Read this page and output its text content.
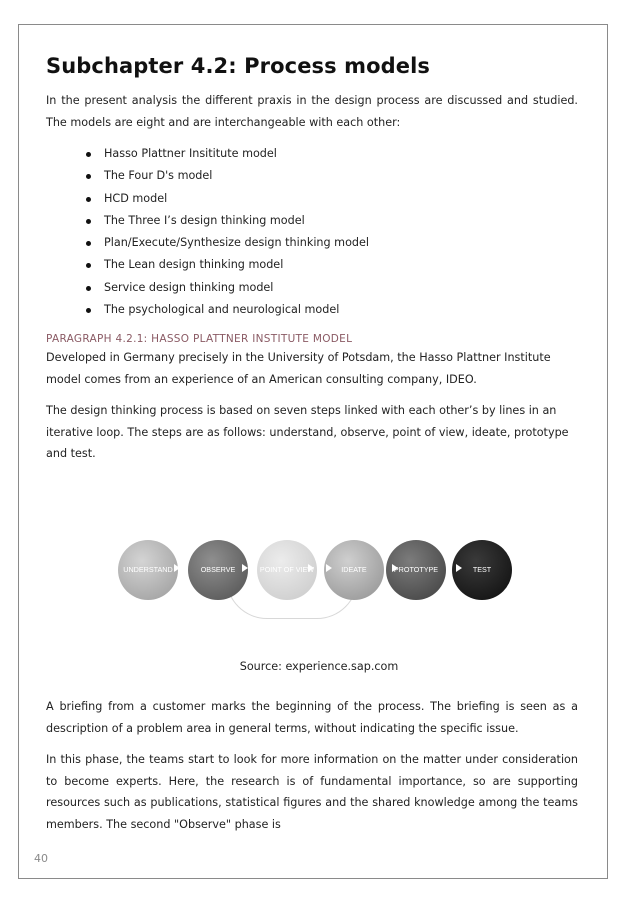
Subchapter 4.2: Process models

In the present analysis the different praxis in the design process are discussed and studied. The models are eight and are interchangeable with each other:

Hasso Plattner Insititute model
The Four D's model
HCD model
The Three I’s design thinking model
Plan/Execute/Synthesize design thinking model
The Lean design thinking model
Service design thinking model
The psychological and neurological model
PARAGRAPH 4.2.1: HASSO PLATTNER INSTITUTE MODEL

Developed in Germany precisely in the University of Potsdam, the Hasso Plattner Institute model comes from an experience of an American consulting company, IDEO.

The design thinking process is based on seven steps linked with each other’s by lines in an iterative loop. The steps are as follows: understand, observe, point of view, ideate, prototype and test.

UNDERSTAND	OBSERVE	POINT OF VIEW	IDEATE	PROTOTYPE	TEST
Source: experience.sap.com

A briefing from a customer marks the beginning of the process. The briefing is seen as a description of a problem area in general terms, without indicating the specific issue.

In this phase, the teams start to look for more information on the matter under consideration to become experts. Here, the research is of fundamental importance, so are supporting resources such as publications, statistical figures and the shared knowledge among the teams members. The second "Observe" phase is

40
